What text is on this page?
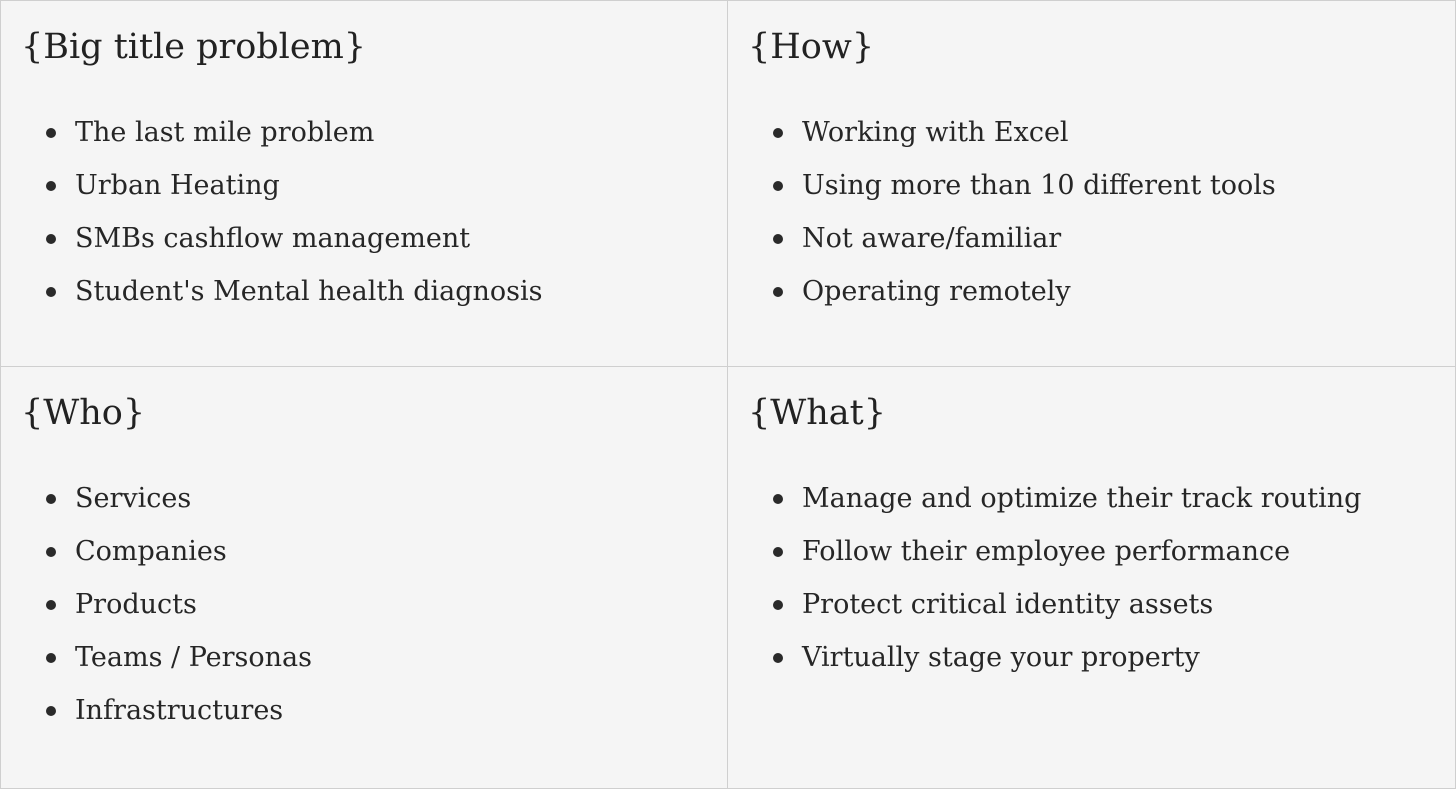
{Big title problem}
The last mile problem
Urban Heating
SMBs cashflow management
Student's Mental health diagnosis
{How}
Working with Excel
Using more than 10 different tools
Not aware/familiar
Operating remotely
{Who}
Services
Companies
Products
Teams / Personas
Infrastructures
{What}
Manage and optimize their track routing
Follow their employee performance
Protect critical identity assets
Virtually stage your property
